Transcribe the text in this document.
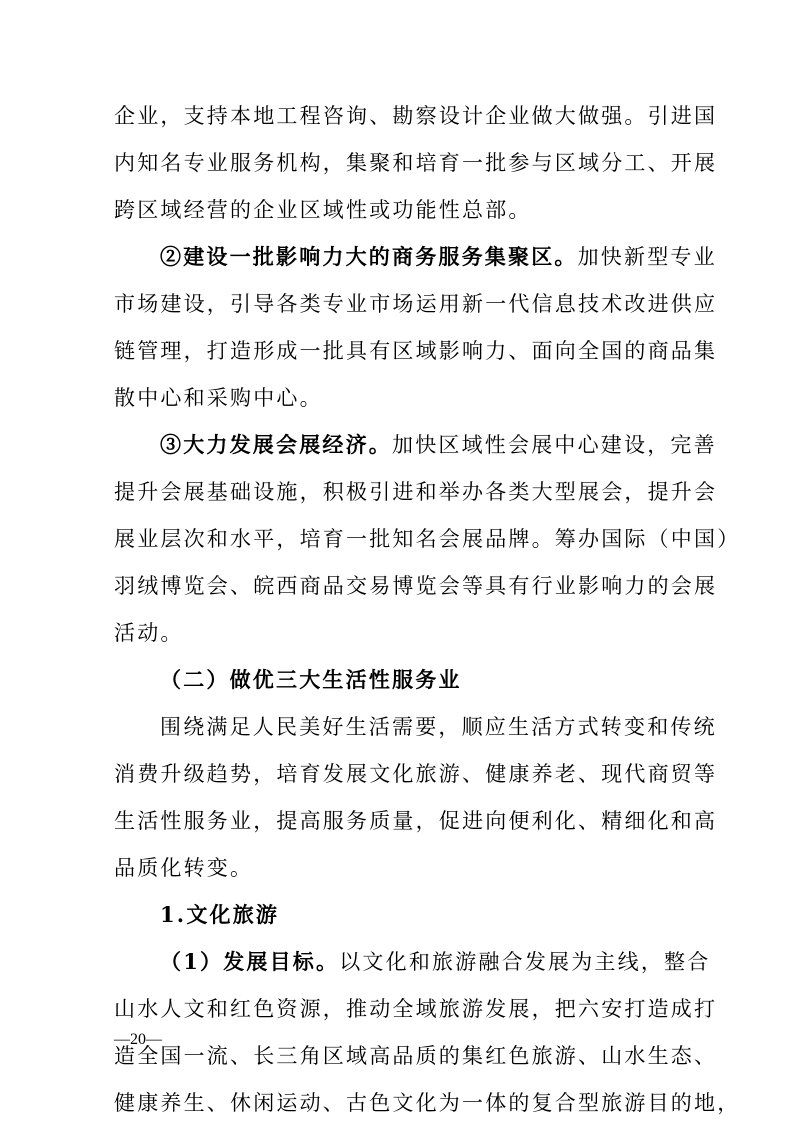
企业，支持本地工程咨询、勘察设计企业做大做强。引进国
内知名专业服务机构，集聚和培育一批参与区域分工、开展
跨区域经营的企业区域性或功能性总部。
②建设一批影响力大的商务服务集聚区。加快新型专业
市场建设，引导各类专业市场运用新一代信息技术改进供应
链管理，打造形成一批具有区域影响力、面向全国的商品集
散中心和采购中心。
③大力发展会展经济。加快区域性会展中心建设，完善
提升会展基础设施，积极引进和举办各类大型展会，提升会
展业层次和水平，培育一批知名会展品牌。筹办国际（中国）
羽绒博览会、皖西商品交易博览会等具有行业影响力的会展
活动。
（二）做优三大生活性服务业
围绕满足人民美好生活需要，顺应生活方式转变和传统
消费升级趋势，培育发展文化旅游、健康养老、现代商贸等
生活性服务业，提高服务质量，促进向便利化、精细化和高
品质化转变。
1.文化旅游
（1）发展目标。以文化和旅游融合发展为主线，整合
山水人文和红色资源，推动全域旅游发展，把六安打造成打
造全国一流、长三角区域高品质的集红色旅游、山水生态、
健康养生、休闲运动、古色文化为一体的复合型旅游目的地，
—20—
